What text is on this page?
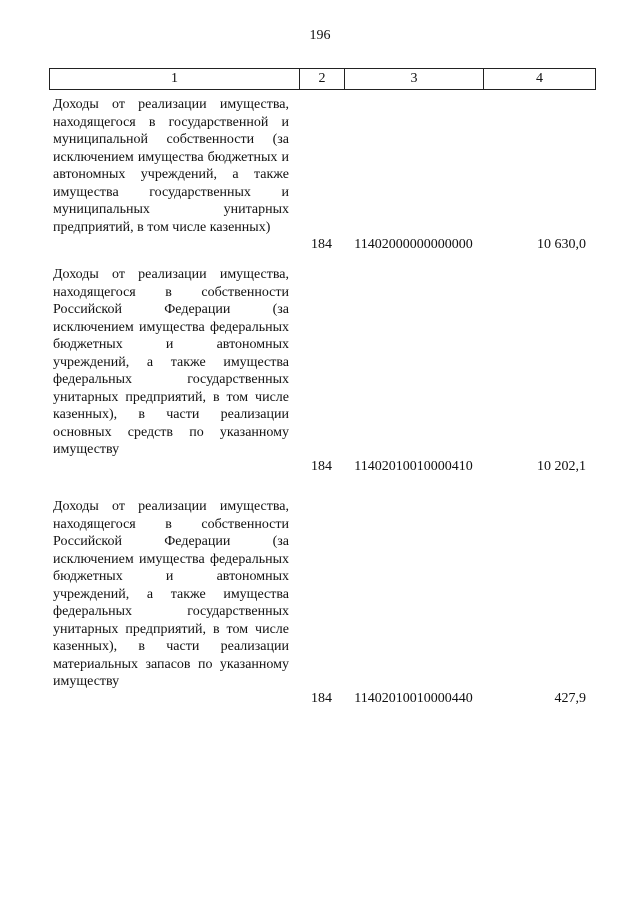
196
1	2	3	4
Доходы от реализации имущества, находящегося в государственной и муниципальной собственности (за исключением имущества бюджетных и автономных учреждений, а также имущества государственных и муниципальных унитарных предприятий, в том числе казенных)
184	11402000000000000	10 630,0
Доходы от реализации имущества, находящегося в собственности Российской Федерации (за исключением имущества федеральных бюджетных и автономных учреждений, а также имущества федеральных государственных унитарных предприятий, в том числе казенных), в части реализации основных средств по указанному имуществу
184	11402010010000410	10 202,1
Доходы от реализации имущества, находящегося в собственности Российской Федерации (за исключением имущества федеральных бюджетных и автономных учреждений, а также имущества федеральных государственных унитарных предприятий, в том числе казенных), в части реализации материальных запасов по указанному имуществу
184	11402010010000440	427,9
